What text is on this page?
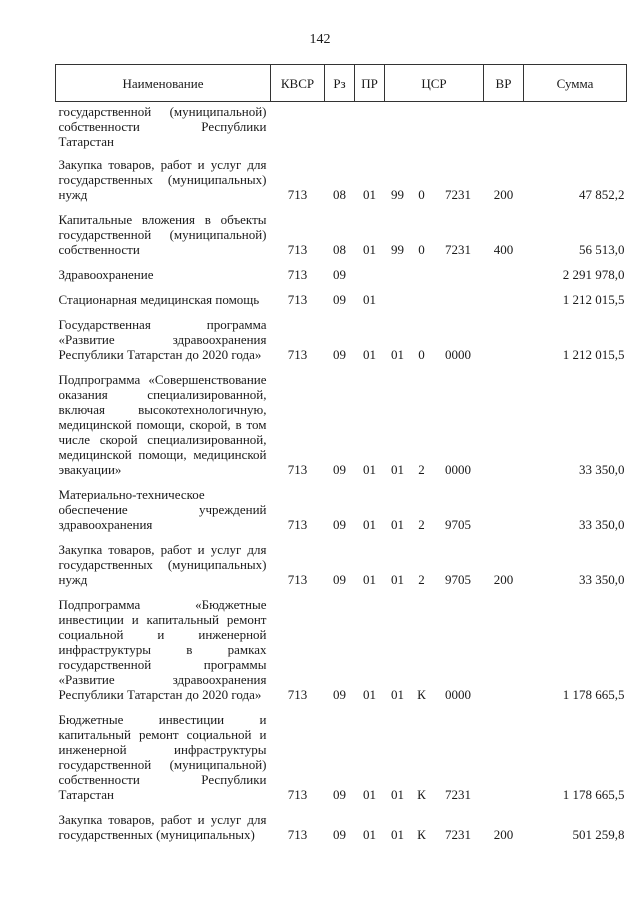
142
Наименование	КВСР	Рз	ПР	ЦСР			ВР	Сумма
государственной (муниципальной) собственности Республики Татарстан								
Закупка товаров, работ и услуг для государственных (муниципальных) нужд	713	08	01	99	0	7231	200	47 852,2
Капитальные вложения в объекты государственной (муниципальной) собственности	713	08	01	99	0	7231	400	56 513,0
Здравоохранение	713	09						2 291 978,0
Стационарная медицинская помощь	713	09	01					1 212 015,5
Государственная программа «Развитие здравоохранения Республики Татарстан до 2020 года»	713	09	01	01	0	0000		1 212 015,5
Подпрограмма «Совершенствование оказания специализированной, включая высокотехнологичную, медицинской помощи, скорой, в том числе скорой специализированной, медицинской помощи, медицинской эвакуации»	713	09	01	01	2	0000		33 350,0
Материально-техническое обеспечение учреждений здравоохранения	713	09	01	01	2	9705		33 350,0
Закупка товаров, работ и услуг для государственных (муниципальных) нужд	713	09	01	01	2	9705	200	33 350,0
Подпрограмма «Бюджетные инвестиции и капитальный ремонт социальной и инженерной инфраструктуры в рамках государственной программы «Развитие здравоохранения Республики Татарстан до 2020 года»	713	09	01	01	К	0000		1 178 665,5
Бюджетные инвестиции и капитальный ремонт социальной и инженерной инфраструктуры государственной (муниципальной) собственности Республики Татарстан	713	09	01	01	К	7231		1 178 665,5
Закупка товаров, работ и услуг для государственных (муниципальных)	713	09	01	01	К	7231	200	501 259,8
